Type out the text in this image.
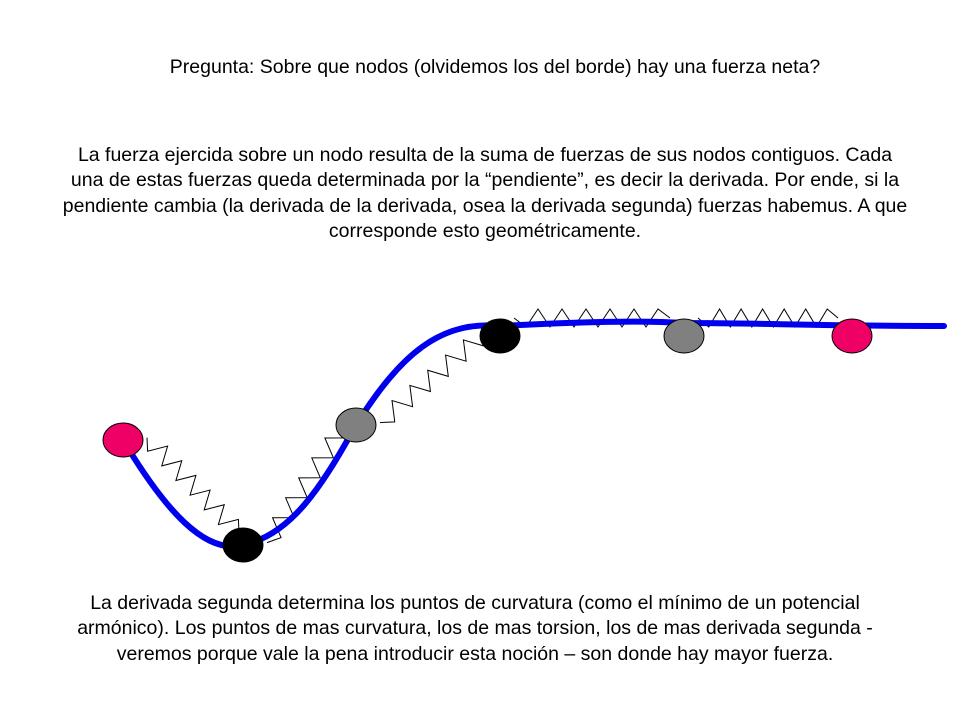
Pregunta: Sobre que nodos (olvidemos los del borde) hay una fuerza neta?
La fuerza ejercida sobre un nodo resulta de la suma de fuerzas de sus nodos contiguos. Cada una de estas fuerzas queda determinada por la “pendiente”, es decir la derivada. Por ende, si la pendiente cambia (la derivada de la derivada, osea la derivada segunda) fuerzas habemus. A que corresponde esto geométricamente.
La derivada segunda determina los puntos de curvatura (como el mínimo de un potencial armónico). Los puntos de mas curvatura, los de mas torsion, los de mas derivada segunda - veremos porque vale la pena introducir esta noción – son donde hay mayor fuerza.
